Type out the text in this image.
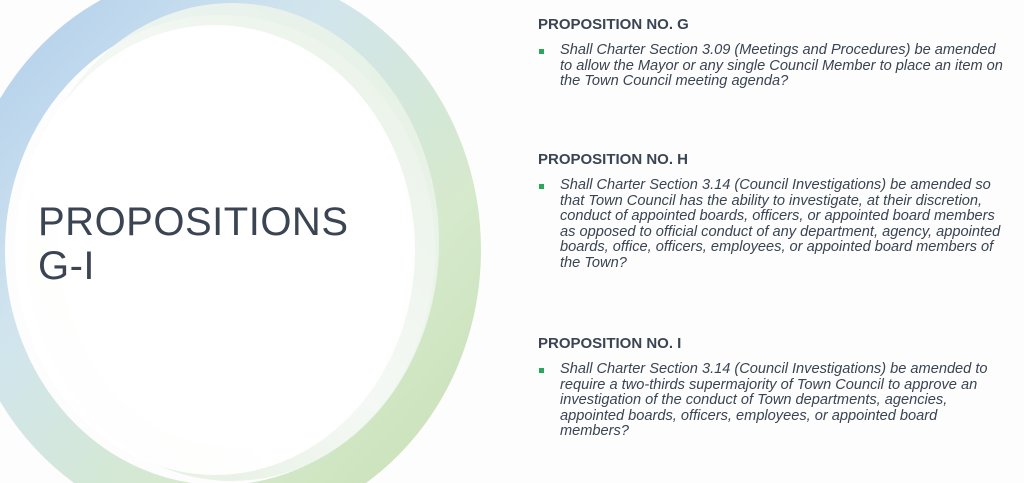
PROPOSITIONS
G-I
PROPOSITION NO. G
Shall Charter Section 3.09 (Meetings and Procedures) be amended to allow the Mayor or any single Council Member to place an item on the Town Council meeting agenda?
PROPOSITION NO. H
Shall Charter Section 3.14 (Council Investigations) be amended so that Town Council has the ability to investigate, at their discretion, conduct of appointed boards, officers, or appointed board members as opposed to official conduct of any department, agency, appointed boards, office, officers, employees, or appointed board members of the Town?
PROPOSITION NO. I
Shall Charter Section 3.14 (Council Investigations) be amended to require a two-thirds supermajority of Town Council to approve an investigation of the conduct of Town departments, agencies, appointed boards, officers, employees, or appointed board members?
